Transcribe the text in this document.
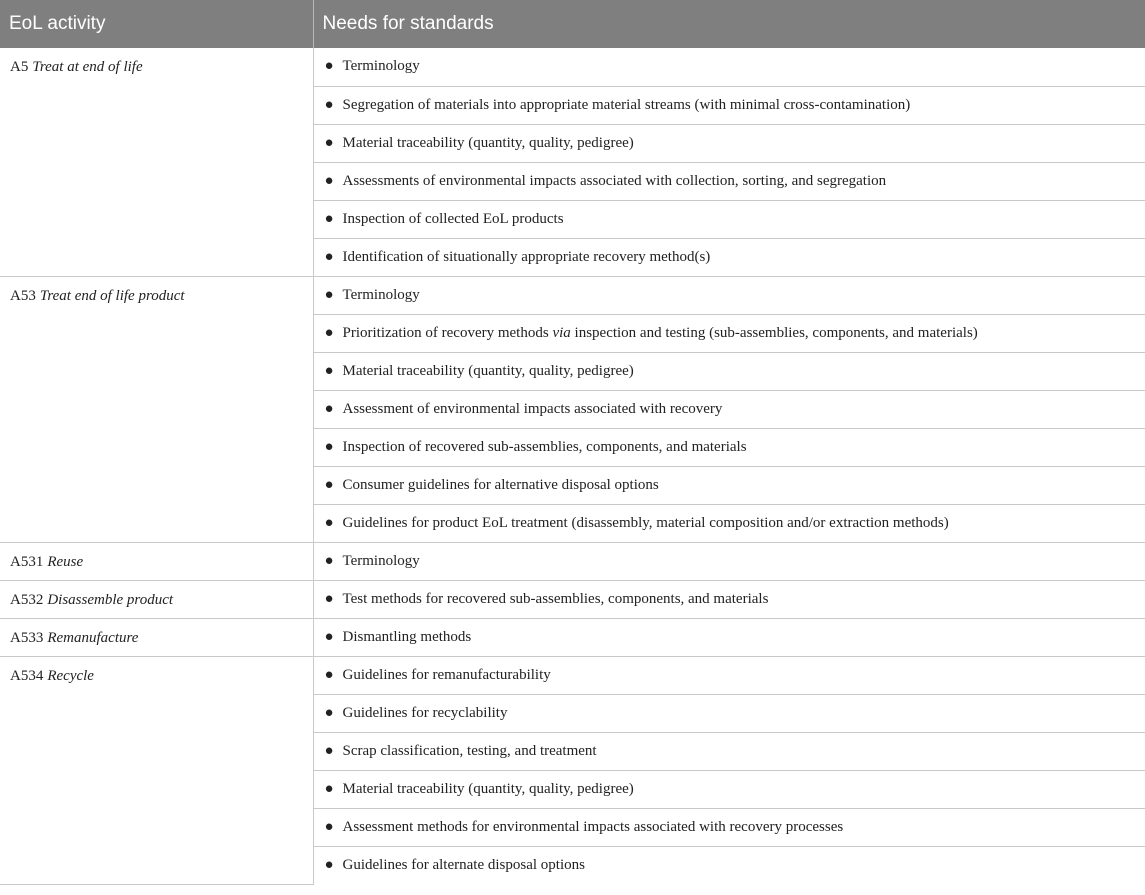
EoL activity	Needs for standards
A5 Treat at end of life	● Terminology
	● Segregation of materials into appropriate material streams (with minimal cross-contamination)
	● Material traceability (quantity, quality, pedigree)
	● Assessments of environmental impacts associated with collection, sorting, and segregation
	● Inspection of collected EoL products
	● Identification of situationally appropriate recovery method(s)
A53 Treat end of life product	● Terminology
	● Prioritization of recovery methods via inspection and testing (sub-assemblies, components, and materials)
	● Material traceability (quantity, quality, pedigree)
	● Assessment of environmental impacts associated with recovery
	● Inspection of recovered sub-assemblies, components, and materials
	● Consumer guidelines for alternative disposal options
	● Guidelines for product EoL treatment (disassembly, material composition and/or extraction methods)
A531 Reuse	● Terminology
A532 Disassemble product	● Test methods for recovered sub-assemblies, components, and materials
A533 Remanufacture	● Dismantling methods
A534 Recycle	● Guidelines for remanufacturability
	● Guidelines for recyclability
	● Scrap classification, testing, and treatment
	● Material traceability (quantity, quality, pedigree)
	● Assessment methods for environmental impacts associated with recovery processes
	● Guidelines for alternate disposal options
